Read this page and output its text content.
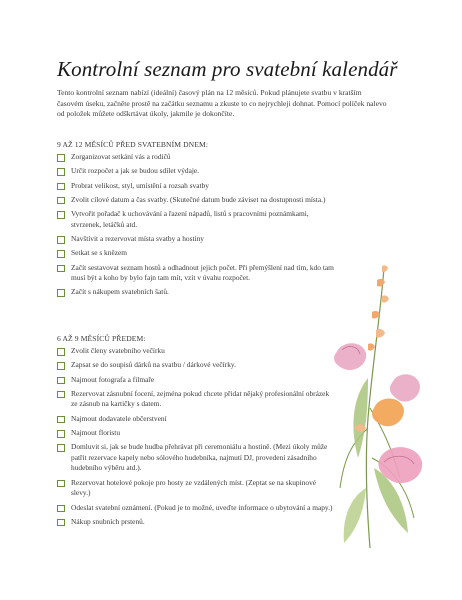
Kontrolní seznam pro svatební kalendář
Tento kontrolní seznam nabízí (ideální) časový plán na 12 měsíců. Pokud plánujete svatbu v kratším časovém úseku, začněte prostě na začátku seznamu a zkuste to co nejrychleji dohnat. Pomocí políček nalevo od položek můžete odškrtávat úkoly, jakmile je dokončíte.
9 AŽ 12 MĚSÍCŮ PŘED SVATEBNÍM DNEM:
Zorganizovat setkání vás a rodičů
Určit rozpočet a jak se budou sdílet výdaje.
Probrat velikost, styl, umístění a rozsah svatby
Zvolit cílové datum a čas svatby. (Skutečné datum bude záviset na dostupnosti místa.)
Vytvořit pořadač k uchovávání a řazení nápadů, listů s pracovními poznámkami, stvrzenek, letáčků atd.
Navštívit a rezervovat místa svatby a hostiny
Setkat se s knězem
Začít sestavovat seznam hostů a odhadnout jejich počet. Při přemýšlení nad tím, kdo tam musí být a koho by bylo fajn tam mít, vzít v úvahu rozpočet.
Začít s nákupem svatebních šatů.
6 AŽ 9 MĚSÍCŮ PŘEDEM:
Zvolit členy svatebního večírku
Zapsat se do soupisů dárků na svatbu / dárkové večírky.
Najmout fotografa a filmaře
Rezervovat zásnubní focení, zejména pokud chcete přidat nějaký profesionální obrázek ze zásnub na kartičky s datem.
Najmout dodavatele občerstvení
Najmout floristu
Domluvit si, jak se bude hudba přehrávat při ceremoniálu a hostině. (Mezi úkoly může patřit rezervace kapely nebo sólového hudebníka, najmutí DJ, provedení zásadního hudebního výběru atd.).
Rezervovat hotelové pokoje pro hosty ze vzdálených míst. (Zeptat se na skupinové slevy.)
Odeslat svatební oznámení. (Pokud je to možné, uveďte informace o ubytování a mapy.)
Nákup snubních prstenů.
